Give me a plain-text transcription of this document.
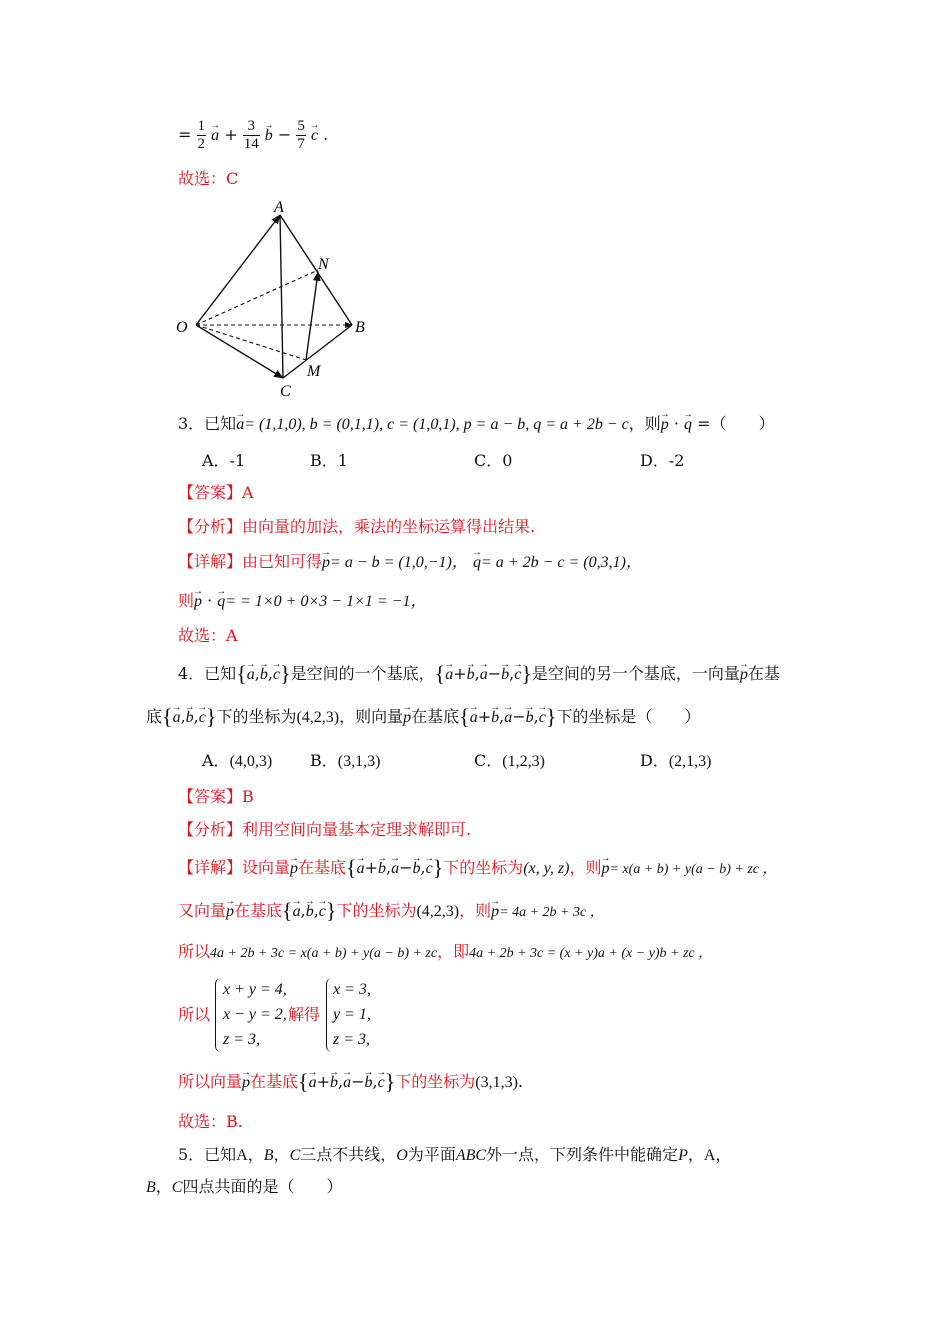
= $\frac{1}{2}$
→ $a + \frac{3}{14}$
→ $b - \frac{5}{7}$
→ c .
故选：C
A
N
O	B
M
C
3．已知→ a= (1,1,0), b = (0,1,1), c = (1,0,1), p = a − b, q = a + 2b − c，则→ p · → q =（　　）
A．-1	B．1	C．0	D．-2
【答案】A
【分析】由向量的加法，乘法的坐标运算得出结果.
【详解】由已知可得→ p= a − b = (1,0,−1)， → q= a + 2b − c = (0,3,1)，
则→ p · → q= = 1×0 + 0×3 − 1×1 = −1，
故选：A
4．已知{→ a,→ b,→ c}是空间的一个基底，{→ a+→ b,→ a−→ b,→ c}是空间的另一个基底，一向量→ p在基
底{→ a,→ b,→ c}下的坐标为(4,2,3)，则向量→ p在基底{→ a+→ b,→ a−→ b,→ c}下的坐标是（　　）
A．(4,0,3) B．(3,1,3)	C．(1,2,3)	D．(2,1,3)
【答案】B
【分析】利用空间向量基本定理求解即可.
【详解】设向量→ p在基底{→ a+→ b,→ a−→ b,→ c}下的坐标为(x, y, z)，则→ p= x(a + b) + y(a − b) + zc ，
又向量→ p在基底{→ a,→ b,→ c}下的坐标为(4,2,3)，则→ p= 4a + 2b + 3c ，
所以4a + 2b + 3c = x(a + b) + y(a − b) + zc，即4a + 2b + 3c = (x + y)a + (x − y)b + zc ，
所以
x + y = 4,
x − y = 2,
z = 3,
解得
x = 3,
y = 1,
z = 3,
所以向量→ p在基底{→ a+→ b,→ a−→ b,→ c}下的坐标为(3,1,3).
故选：B.
5．已知A，B，C三点不共线，O为平面ABC外一点，下列条件中能确定P，A，
B，C四点共面的是（　　）
